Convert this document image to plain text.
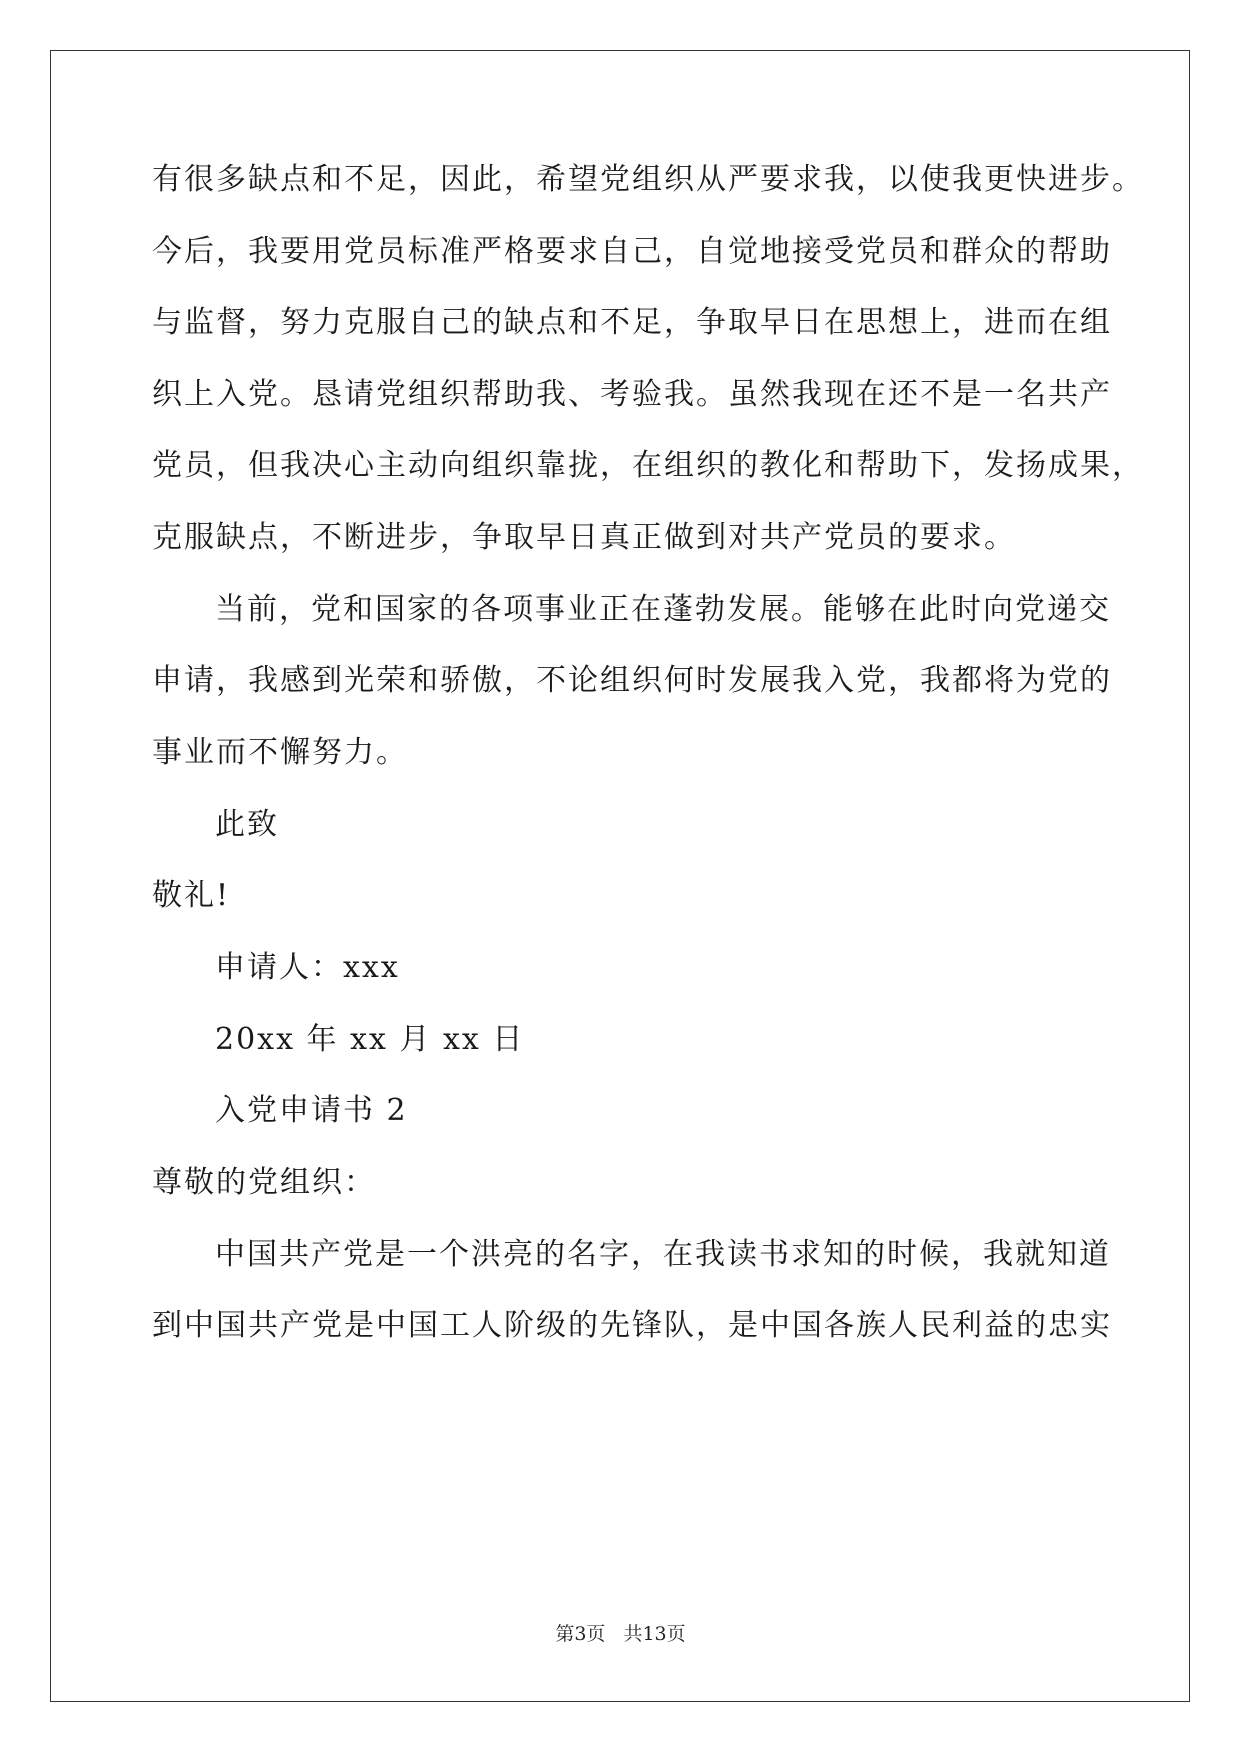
有很多缺点和不足，因此，希望党组织从严要求我，以使我更快进步。
今后，我要用党员标准严格要求自己，自觉地接受党员和群众的帮助
与监督，努力克服自己的缺点和不足，争取早日在思想上，进而在组
织上入党。恳请党组织帮助我、考验我。虽然我现在还不是一名共产
党员，但我决心主动向组织靠拢，在组织的教化和帮助下，发扬成果，
克服缺点，不断进步，争取早日真正做到对共产党员的要求。
当前，党和国家的各项事业正在蓬勃发展。能够在此时向党递交
申请，我感到光荣和骄傲，不论组织何时发展我入党，我都将为党的
事业而不懈努力。
此致
敬礼!
申请人：xxx
20xx 年 xx 月 xx 日
入党申请书 2
尊敬的党组织：
中国共产党是一个洪亮的名字，在我读书求知的时候，我就知道
到中国共产党是中国工人阶级的先锋队，是中国各族人民利益的忠实
第3页 共13页
